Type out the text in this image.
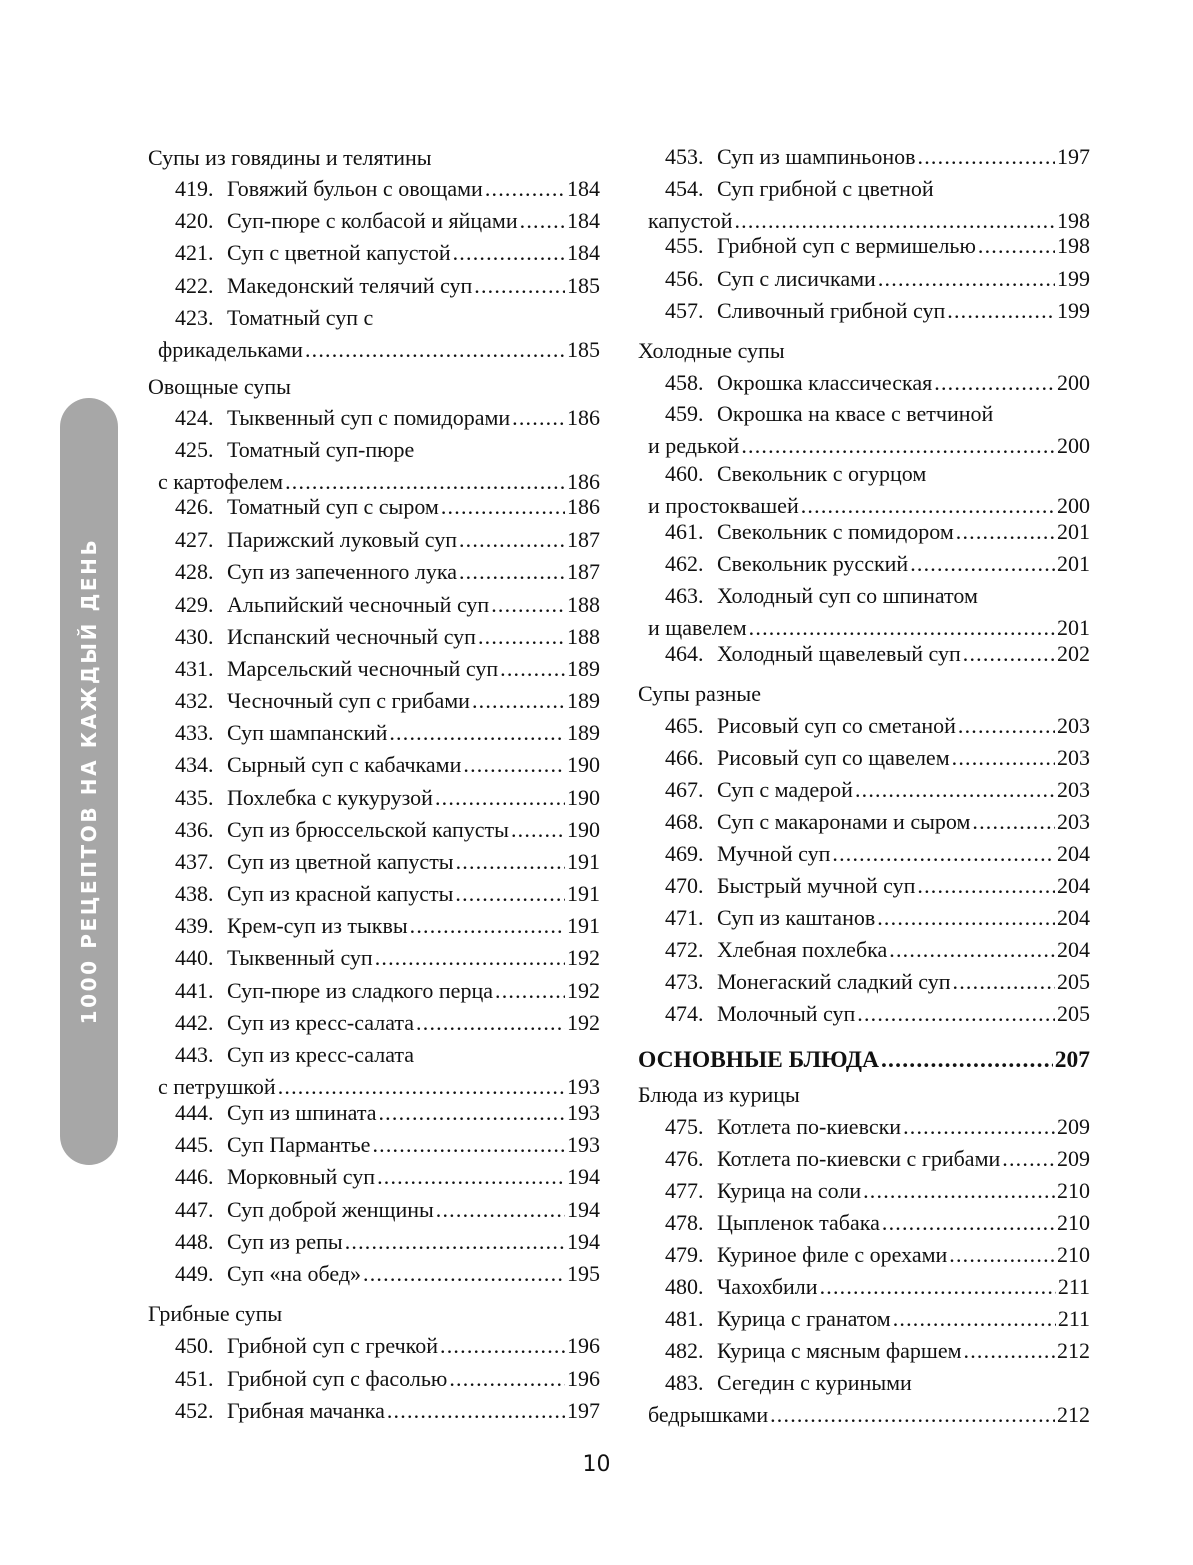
1000 РЕЦЕПТОВ НА КАЖДЫЙ ДЕНЬ
Супы из говядины и телятины
419. Говяжий бульон с овощами .....	184
420. Суп-пюре с колбасой и яйцами ..... 184
421. Суп с цветной капустой .....	184
422. Македонский телячий суп .....	185
423. Томатный суп с
фрикадельками .....	185
Овощные супы
424. Тыквенный суп с помидорами .....	186
425. Томатный суп-пюре
с картофелем .....	186
426. Томатный суп с сыром .....	186
427. Парижский луковый суп .....	187
428. Суп из запеченного лука .....	187
429. Альпийский чесночный суп .....	188
430. Испанский чесночный суп .....	188
431. Марсельский чесночный суп .....	189
432. Чесночный суп с грибами .....	189
433. Суп шампанский .....	189
434. Сырный суп с кабачками .....	190
435. Похлебка с кукурузой .....	190
436. Суп из брюссельской капусты .....	190
437. Суп из цветной капусты .....	191
438. Суп из красной капусты .....	191
439. Крем-суп из тыквы .....	191
440. Тыквенный суп .....	192
441. Суп-пюре из сладкого перца .....	192
442. Суп из кресс-салата .....	192
443. Суп из кресс-салата
с петрушкой .....	193
444. Суп из шпината .....	193
445. Суп Пармантье .....	193
446. Морковный суп .....	194
447. Суп доброй женщины .....	194
448. Суп из репы .....	194
449. Суп «на обед» .....	195
Грибные супы
450. Грибной суп с гречкой .....	196
451. Грибной суп с фасолью .....	196
452. Грибная мачанка .....	197
453. Суп из шампиньонов .....	197
454. Суп грибной с цветной
капустой .....	198
455. Грибной суп с вермишелью .....	198
456. Суп с лисичками .....	199
457. Сливочный грибной суп .....	199
Холодные супы
458. Окрошка классическая .....	200
459. Окрошка на квасе с ветчиной
и редькой .....	200
460. Свекольник с огурцом
и простоквашей .....	200
461. Свекольник с помидором .....	201
462. Свекольник русский .....	201
463. Холодный суп со шпинатом
и щавелем .....	201
464. Холодный щавелевый суп .....	202
Супы разные
465. Рисовый суп со сметаной .....	203
466. Рисовый суп со щавелем .....	203
467. Суп с мадерой .....	203
468. Суп с макаронами и сыром .....	203
469. Мучной суп .....	204
470. Быстрый мучной суп .....	204
471. Суп из каштанов .....	204
472. Хлебная похлебка .....	204
473. Монегаский сладкий суп .....	205
474. Молочный суп .....	205
ОСНОВНЫЕ БЛЮДА .....	207
Блюда из курицы
475. Котлета по-киевски .....	209
476. Котлета по-киевски с грибами .....	209
477. Курица на соли .....	210
478. Цыпленок табака .....	210
479. Куриное филе с орехами .....	210
480. Чахохбили .....	211
481. Курица с гранатом .....	211
482. Курица с мясным фаршем .....	212
483. Сегедин с куриными
бедрышками .....	212
10
